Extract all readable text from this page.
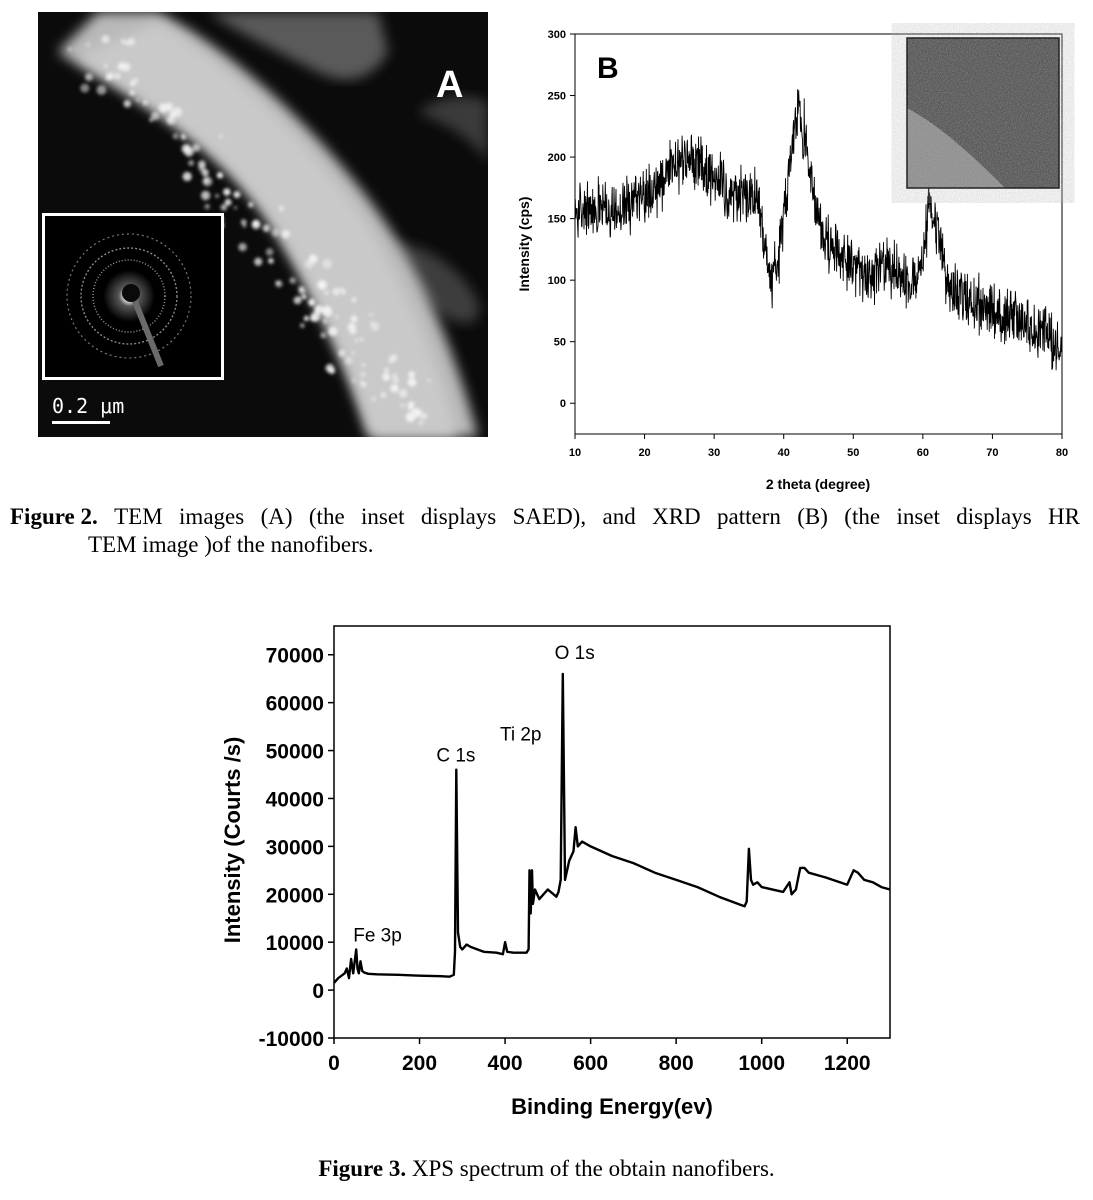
A
0.2 μm
10	20	30	40	50	60	70	80
0
50
100
150
200
250
300
B
2 theta (degree)
Intensity (cps)
Figure 2. TEM images (A) (the inset displays SAED), and XRD pattern (B) (the inset displays HR
TEM image )of the nanofibers.
0	200 400 600 800 1000 1200
-10000
0
10000
20000
30000
40000
50000
60000
70000
Fe 3p
C 1s
Ti 2p
O 1s
Binding Energy(ev)
Intensity (Courts /s)
Figure 3. XPS spectrum of the obtain nanofibers.
